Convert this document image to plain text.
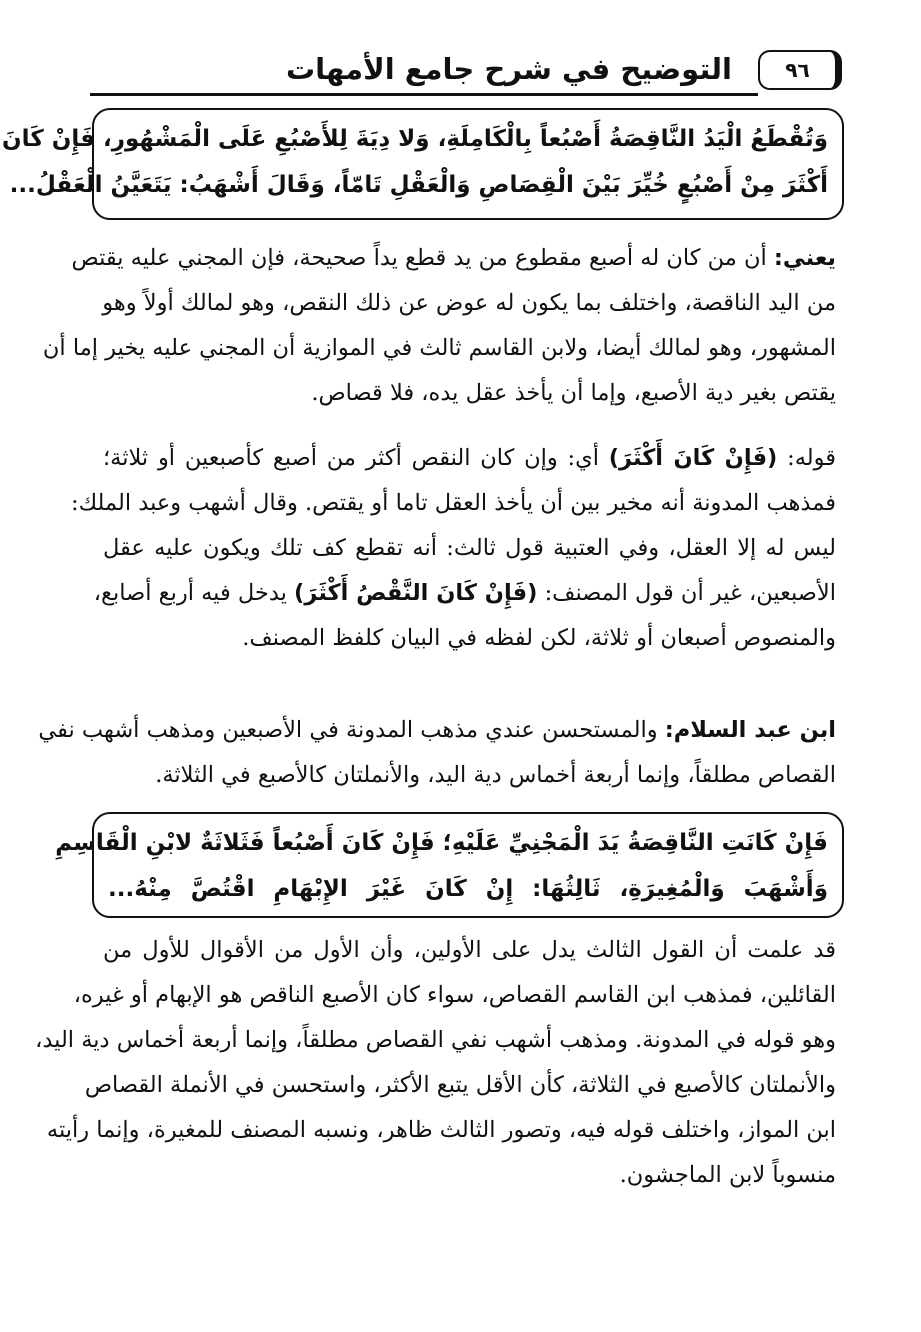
٩٦
التوضيح في شرح جامع الأمهات
وَتُقْطَعُ الْيَدُ النَّاقِصَةُ أَصْبُعاً بِالْكَامِلَةِ، وَلا دِيَةَ لِلأَصْبُعِ عَلَى الْمَشْهُورِ، فَإِنْ كَانَ
أَكْثَرَ مِنْ أَصْبُعٍ خُيِّرَ بَيْنَ الْقِصَاصِ وَالْعَقْلِ تَامّاً، وَقَالَ أَشْهَبُ: يَتَعَيَّنُ الْعَقْلُ...
يعني: أن من كان له أصبع مقطوع من يد قطع يداً صحيحة، فإن المجني عليه يقتص
من اليد الناقصة، واختلف بما يكون له عوض عن ذلك النقص، وهو لمالك أولاً وهو
المشهور، وهو لمالك أيضا، ولابن القاسم ثالث في الموازية أن المجني عليه يخير إما أن
يقتص بغير دية الأصبع، وإما أن يأخذ عقل يده، فلا قصاص.
قوله: (فَإِنْ كَانَ أَكْثَرَ) أي: وإن كان النقص أكثر من أصبع كأصبعين أو ثلاثة؛
فمذهب المدونة أنه مخير بين أن يأخذ العقل تاما أو يقتص. وقال أشهب وعبد الملك:
ليس له إلا العقل، وفي العتبية قول ثالث: أنه تقطع كف تلك ويكون عليه عقل
الأصبعين، غير أن قول المصنف: (فَإِنْ كَانَ النَّقْصُ أَكْثَرَ) يدخل فيه أربع أصابع،
والمنصوص أصبعان أو ثلاثة، لكن لفظه في البيان كلفظ المصنف.
ابن عبد السلام: والمستحسن عندي مذهب المدونة في الأصبعين ومذهب أشهب نفي
القصاص مطلقاً، وإنما أربعة أخماس دية اليد، والأنملتان كالأصبع في الثلاثة.
فَإِنْ كَانَتِ النَّاقِصَةُ يَدَ الْمَجْنِيِّ عَلَيْهِ؛ فَإِنْ كَانَ أَصْبُعاً فَثَلاثَةٌ لابْنِ الْقَاسِمِ
وَأَشْهَبَ وَالْمُغِيرَةِ، ثَالِثُهَا: إِنْ كَانَ غَيْرَ الإِبْهَامِ اقْتُصَّ مِنْهُ...
قد علمت أن القول الثالث يدل على الأولين، وأن الأول من الأقوال للأول من
القائلين، فمذهب ابن القاسم القصاص، سواء كان الأصبع الناقص هو الإبهام أو غيره،
وهو قوله في المدونة. ومذهب أشهب نفي القصاص مطلقاً، وإنما أربعة أخماس دية اليد،
والأنملتان كالأصبع في الثلاثة، كأن الأقل يتبع الأكثر، واستحسن في الأنملة القصاص
ابن المواز، واختلف قوله فيه، وتصور الثالث ظاهر، ونسبه المصنف للمغيرة، وإنما رأيته
منسوباً لابن الماجشون.
